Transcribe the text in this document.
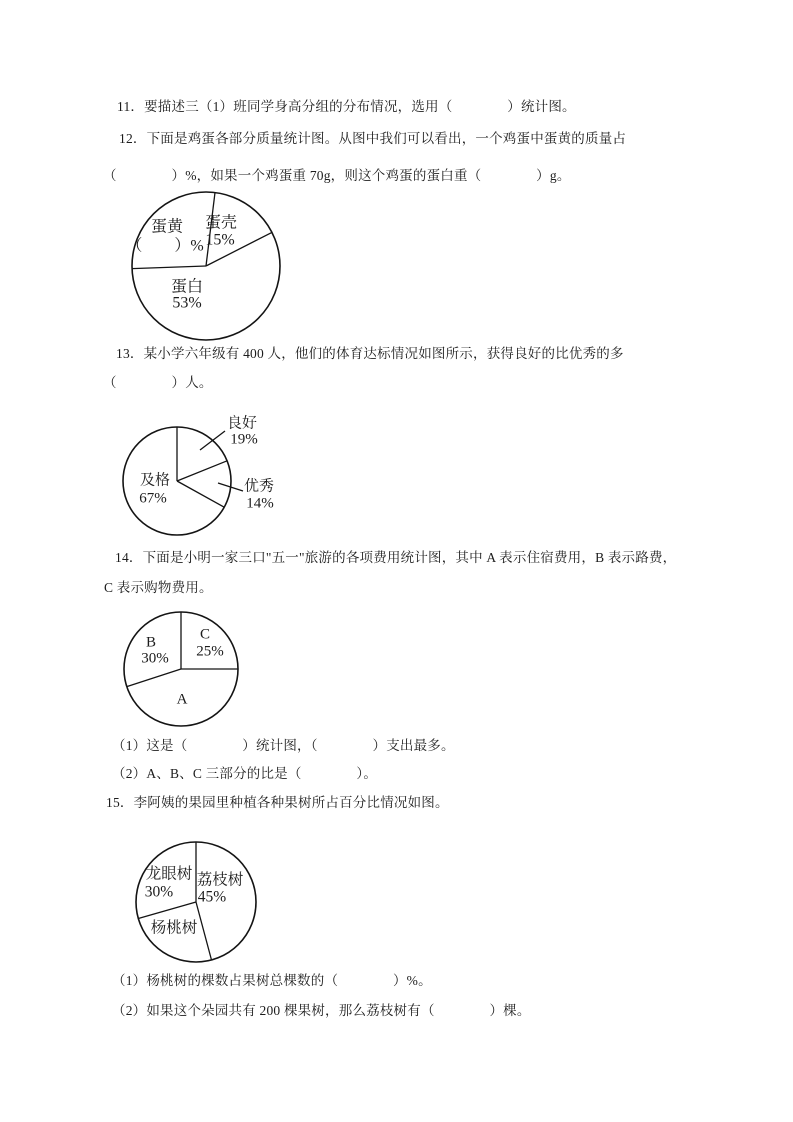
11．要描述三（1）班同学身高分组的分布情况，选用（　　　　）统计图。
12．下面是鸡蛋各部分质量统计图。从图中我们可以看出，一个鸡蛋中蛋黄的质量占
（　　　　）%，如果一个鸡蛋重 70g，则这个鸡蛋的蛋白重（　　　　）g。
蛋黄
（　　）%
蛋壳
15%
蛋白
53%
13．某小学六年级有 400 人，他们的体育达标情况如图所示，获得良好的比优秀的多
（　　　　）人。
良好
19%
及格
67%
优秀
14%
14．下面是小明一家三口"五一"旅游的各项费用统计图，其中 A 表示住宿费用，B 表示路费，
C 表示购物费用。
C
25%
B
30%
A
（1）这是（　　　　）统计图，（　　　　）支出最多。
（2）A、B、C 三部分的比是（　　　　）。
15．李阿姨的果园里种植各种果树所占百分比情况如图。
龙眼树
30%
荔枝树
45%
杨桃树
（1）杨桃树的棵数占果树总棵数的（　　　　）%。
（2）如果这个朵园共有 200 棵果树，那么荔枝树有（　　　　）棵。
